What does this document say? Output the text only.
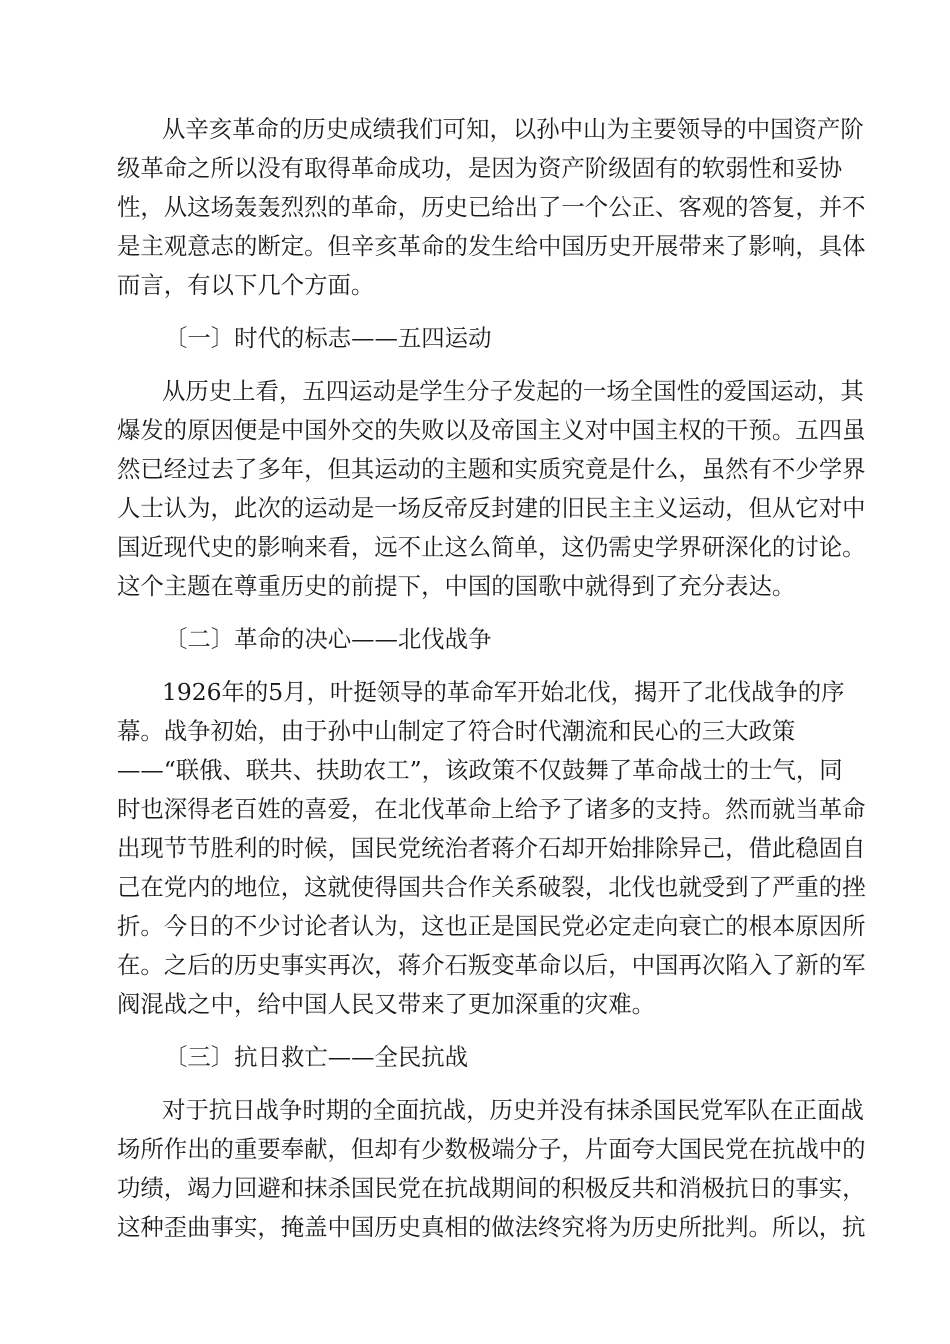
从辛亥革命的历史成绩我们可知，以孙中山为主要领导的中国资产阶
级革命之所以没有取得革命成功，是因为资产阶级固有的软弱性和妥协
性，从这场轰轰烈烈的革命，历史已给出了一个公正、客观的答复，并不
是主观意志的断定。但辛亥革命的发生给中国历史开展带来了影响，具体
而言，有以下几个方面。
〔一〕时代的标志——五四运动
从历史上看，五四运动是学生分子发起的一场全国性的爱国运动，其
爆发的原因便是中国外交的失败以及帝国主义对中国主权的干预。五四虽
然已经过去了多年，但其运动的主题和实质究竟是什么，虽然有不少学界
人士认为，此次的运动是一场反帝反封建的旧民主主义运动，但从它对中
国近现代史的影响来看，远不止这么简单，这仍需史学界研深化的讨论。
这个主题在尊重历史的前提下，中国的国歌中就得到了充分表达。
〔二〕革命的决心——北伐战争
1926年的5月，叶挺领导的革命军开始北伐，揭开了北伐战争的序
幕。战争初始，由于孙中山制定了符合时代潮流和民心的三大政策
——“联俄、联共、扶助农工”，该政策不仅鼓舞了革命战士的士气，同
时也深得老百姓的喜爱，在北伐革命上给予了诸多的支持。然而就当革命
出现节节胜利的时候，国民党统治者蒋介石却开始排除异己，借此稳固自
己在党内的地位，这就使得国共合作关系破裂，北伐也就受到了严重的挫
折。今日的不少讨论者认为，这也正是国民党必定走向衰亡的根本原因所
在。之后的历史事实再次，蒋介石叛变革命以后，中国再次陷入了新的军
阀混战之中，给中国人民又带来了更加深重的灾难。
〔三〕抗日救亡——全民抗战
对于抗日战争时期的全面抗战，历史并没有抹杀国民党军队在正面战
场所作出的重要奉献，但却有少数极端分子，片面夸大国民党在抗战中的
功绩，竭力回避和抹杀国民党在抗战期间的积极反共和消极抗日的事实，
这种歪曲事实，掩盖中国历史真相的做法终究将为历史所批判。所以，抗
